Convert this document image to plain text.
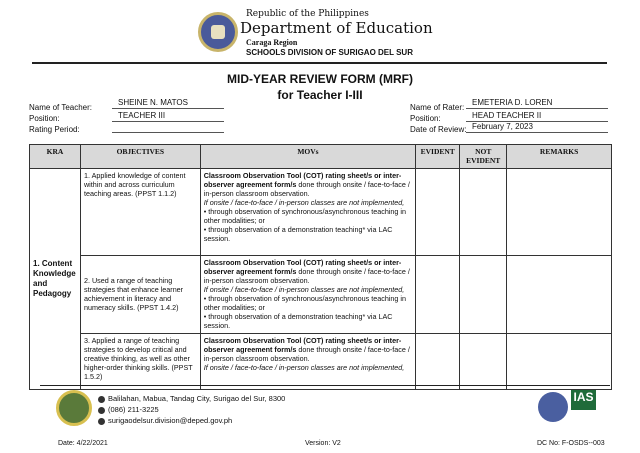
Republic of the Philippines
Department of Education
Caraga Region
SCHOOLS DIVISION OF SURIGAO DEL SUR
MID-YEAR REVIEW FORM (MRF)
for Teacher I-III
Name of Teacher:
SHEINE N. MATOS
Position:	TEACHER III
Rating Period:
Name of Rater:
EMETERIA D. LOREN
Position:	HEAD TEACHER II
Date of Review: February 7, 2023
KRA	OBJECTIVES	MOVs	EVIDENT	NOT EVIDENT	REMARKS
1. Content Knowledge and Pedagogy	1. Applied knowledge of content within and across curriculum teaching areas. (PPST 1.1.2)	Classroom Observation Tool (COT) rating sheet/s or inter-observer agreement form/s done through onsite / face-to-face / in-person classroom observation.
If onsite / face-to-face / in-person classes are not implemented,
• through observation of synchronous/asynchronous teaching in other modalities; or
• through observation of a demonstration teaching* via LAC session.			
	2. Used a range of teaching strategies that enhance learner achievement in literacy and numeracy skills. (PPST 1.4.2)	Classroom Observation Tool (COT) rating sheet/s or inter-observer agreement form/s done through onsite / face-to-face / in-person classroom observation.
If onsite / face-to-face / in-person classes are not implemented,
• through observation of synchronous/asynchronous teaching in other modalities; or
• through observation of a demonstration teaching* via LAC session.			
	3. Applied a range of teaching strategies to develop critical and creative thinking, as well as other higher-order thinking skills. (PPST 1.5.2)	Classroom Observation Tool (COT) rating sheet/s or inter-observer agreement form/s done through onsite / face-to-face / in-person classroom observation.
If onsite / face-to-face / in-person classes are not implemented,			
Balilahan, Mabua, Tandag City, Surigao del Sur, 8300
(086) 211-3225
surigaodelsur.division@deped.gov.ph
IAS
Date: 4/22/2021	Version: V2	DC No: F-OSDS--003
